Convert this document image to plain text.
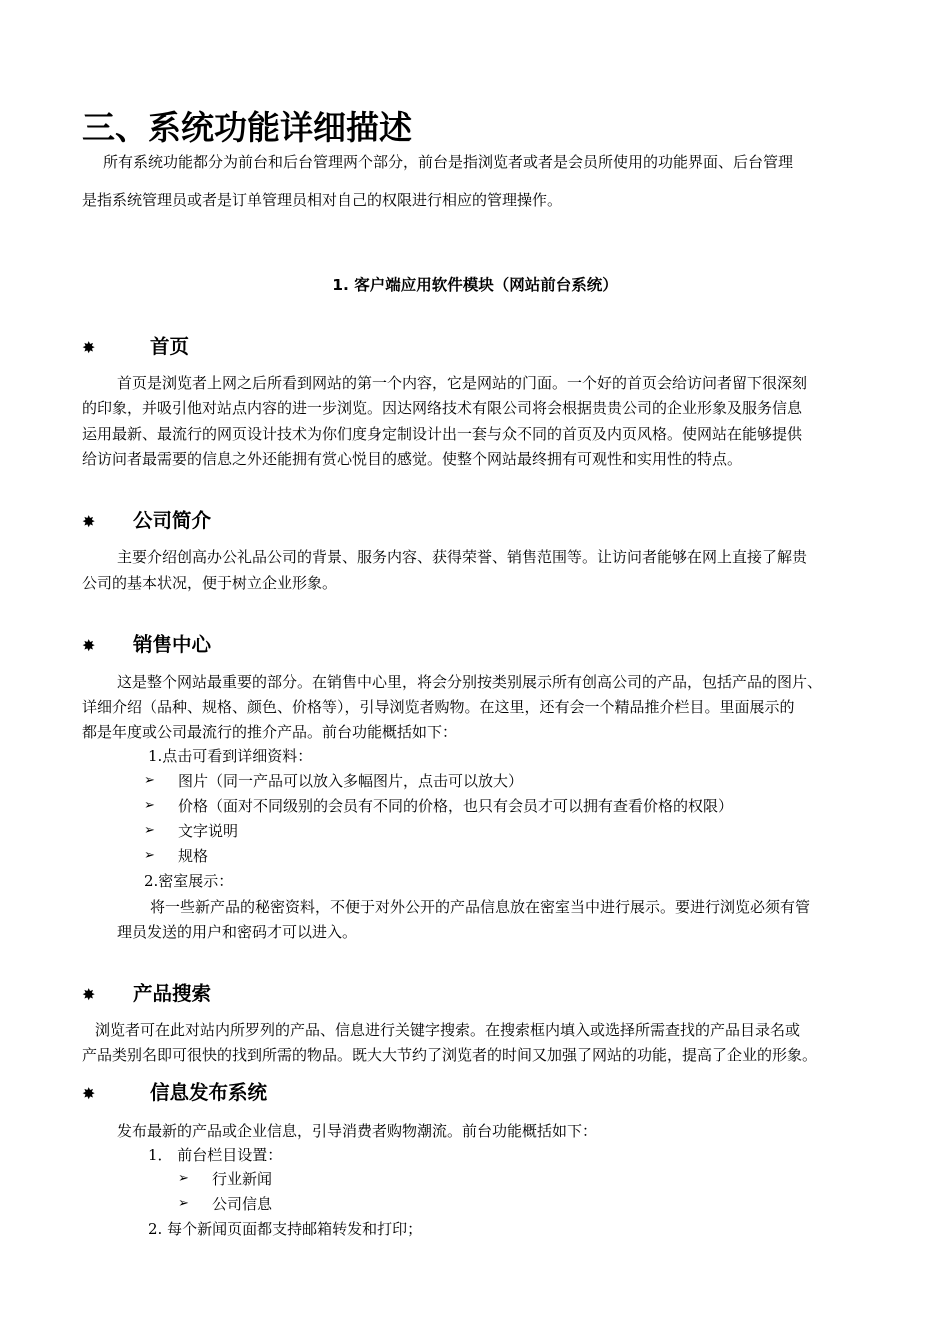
三、系统功能详细描述
所有系统功能都分为前台和后台管理两个部分，前台是指浏览者或者是会员所使用的功能界面、后台管理
是指系统管理员或者是订单管理员相对自己的权限进行相应的管理操作。
1. 客户端应用软件模块（网站前台系统）
✸	首页
首页是浏览者上网之后所看到网站的第一个内容，它是网站的门面。一个好的首页会给访问者留下很深刻
的印象，并吸引他对站点内容的进一步浏览。因达网络技术有限公司将会根据贵贵公司的企业形象及服务信息
运用最新、最流行的网页设计技术为你们度身定制设计出一套与众不同的首页及内页风格。使网站在能够提供
给访问者最需要的信息之外还能拥有赏心悦目的感觉。使整个网站最终拥有可观性和实用性的特点。
✸ 公司简介
主要介绍创高办公礼品公司的背景、服务内容、获得荣誉、销售范围等。让访问者能够在网上直接了解贵
公司的基本状况，便于树立企业形象。
✸ 销售中心
这是整个网站最重要的部分。在销售中心里，将会分别按类别展示所有创高公司的产品，包括产品的图片、
详细介绍（品种、规格、颜色、价格等），引导浏览者购物。在这里，还有会一个精品推介栏目。里面展示的
都是年度或公司最流行的推介产品。前台功能概括如下：
1.点击可看到详细资料：
➢ 图片（同一产品可以放入多幅图片，点击可以放大）
➢ 价格（面对不同级别的会员有不同的价格，也只有会员才可以拥有查看价格的权限）
➢ 文字说明
➢ 规格
2.密室展示：
将一些新产品的秘密资料，不便于对外公开的产品信息放在密室当中进行展示。要进行浏览必须有管
理员发送的用户和密码才可以进入。
✸ 产品搜索
浏览者可在此对站内所罗列的产品、信息进行关键字搜索。在搜索框内填入或选择所需查找的产品目录名或
产品类别名即可很快的找到所需的物品。既大大节约了浏览者的时间又加强了网站的功能，提高了企业的形象。
✸	信息发布系统
发布最新的产品或企业信息，引导消费者购物潮流。前台功能概括如下：
1． 前台栏目设置：
➢ 行业新闻
➢ 公司信息
2. 每个新闻页面都支持邮箱转发和打印；
